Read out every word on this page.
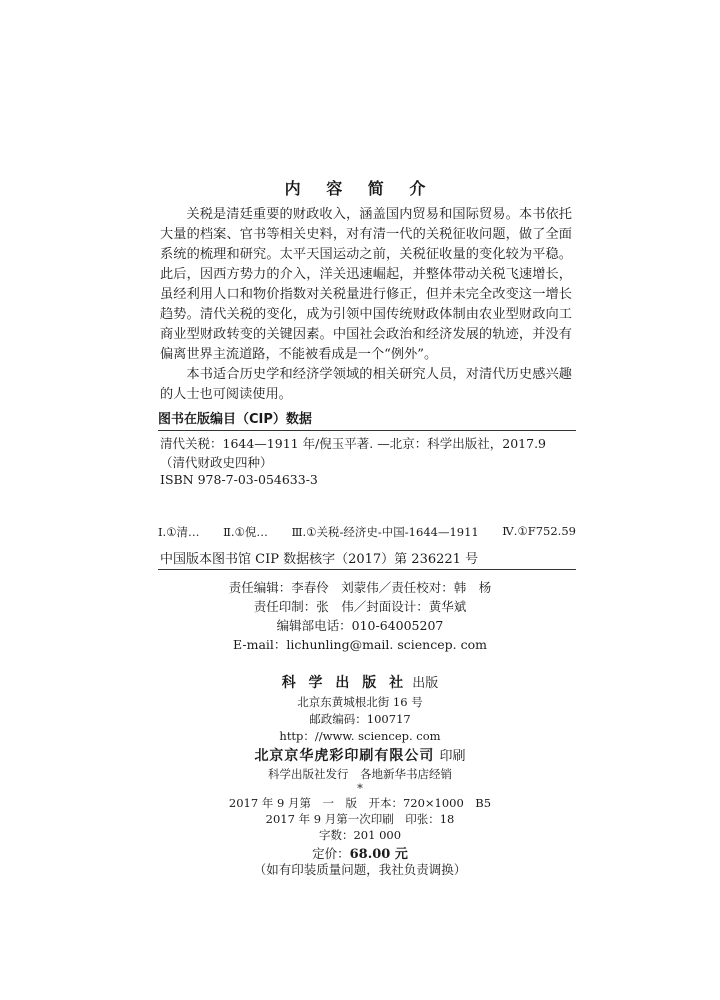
内 容 简 介

关税是清廷重要的财政收入，涵盖国内贸易和国际贸易。本书依托大量的档案、官书等相关史料，对有清一代的关税征收问题，做了全面系统的梳理和研究。太平天国运动之前，关税征收量的变化较为平稳。此后，因西方势力的介入，洋关迅速崛起，并整体带动关税飞速增长，虽经利用人口和物价指数对关税量进行修正，但并未完全改变这一增长趋势。清代关税的变化，成为引领中国传统财政体制由农业型财政向工商业型财政转变的关键因素。中国社会政治和经济发展的轨迹，并没有偏离世界主流道路，不能被看成是一个“例外”。

本书适合历史学和经济学领域的相关研究人员，对清代历史感兴趣的人士也可阅读使用。

图书在版编目（CIP）数据
清代关税：1644—1911 年/倪玉平著. —北京：科学出版社，2017.9
（清代财政史四种）
ISBN 978-7-03-054633-3
Ⅰ.①清… Ⅱ.①倪… Ⅲ.①关税-经济史-中国-1644—1911 Ⅳ.①F752.59
中国版本图书馆 CIP 数据核字（2017）第 236221 号
责任编辑：李春伶　刘蒙伟／责任校对：韩　杨
责任印制：张　伟／封面设计：黄华斌
编辑部电话：010-64005207
E-mail：lichunling@mail. sciencep. com
科 学 出 版 社 出版
北京东黄城根北街 16 号
邮政编码：100717
http：//www. sciencep. com
北京京华虎彩印刷有限公司 印刷
科学出版社发行　各地新华书店经销
*
2017 年 9 月第　一　版　开本：720×1000　B5
2017 年 9 月第一次印刷　印张：18
字数：201 000
定价：68.00 元
（如有印装质量问题，我社负责调换）
